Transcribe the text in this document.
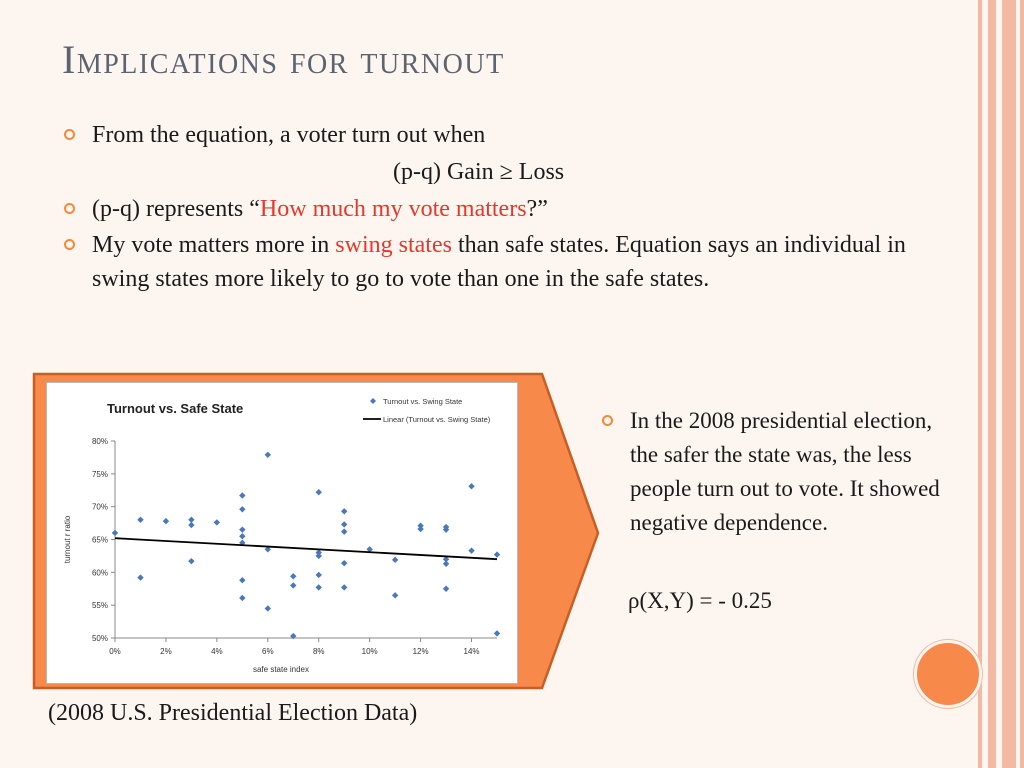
Implications for turnout
From the equation, a voter turn out when
(p-q) Gain ≥ Loss
(p-q) represents “How much my vote matters?”
My vote matters more in swing states than safe states. Equation says an individual in swing states more likely to go to vote than one in the safe states.
Turnout vs. Safe State
50%
55%
60%
65%
70%
75%
80%
0%	2%	4%	6%	8%	10%	12%	14%
turnout r ratio
safe state index
Turnout vs. Swing State
Linear (Turnout vs. Swing State)
(2008 U.S. Presidential Election Data)
In the 2008 presidential election, the safer the state was, the less people turn out to vote. It showed negative dependence.
ρ(X,Y) = - 0.25
